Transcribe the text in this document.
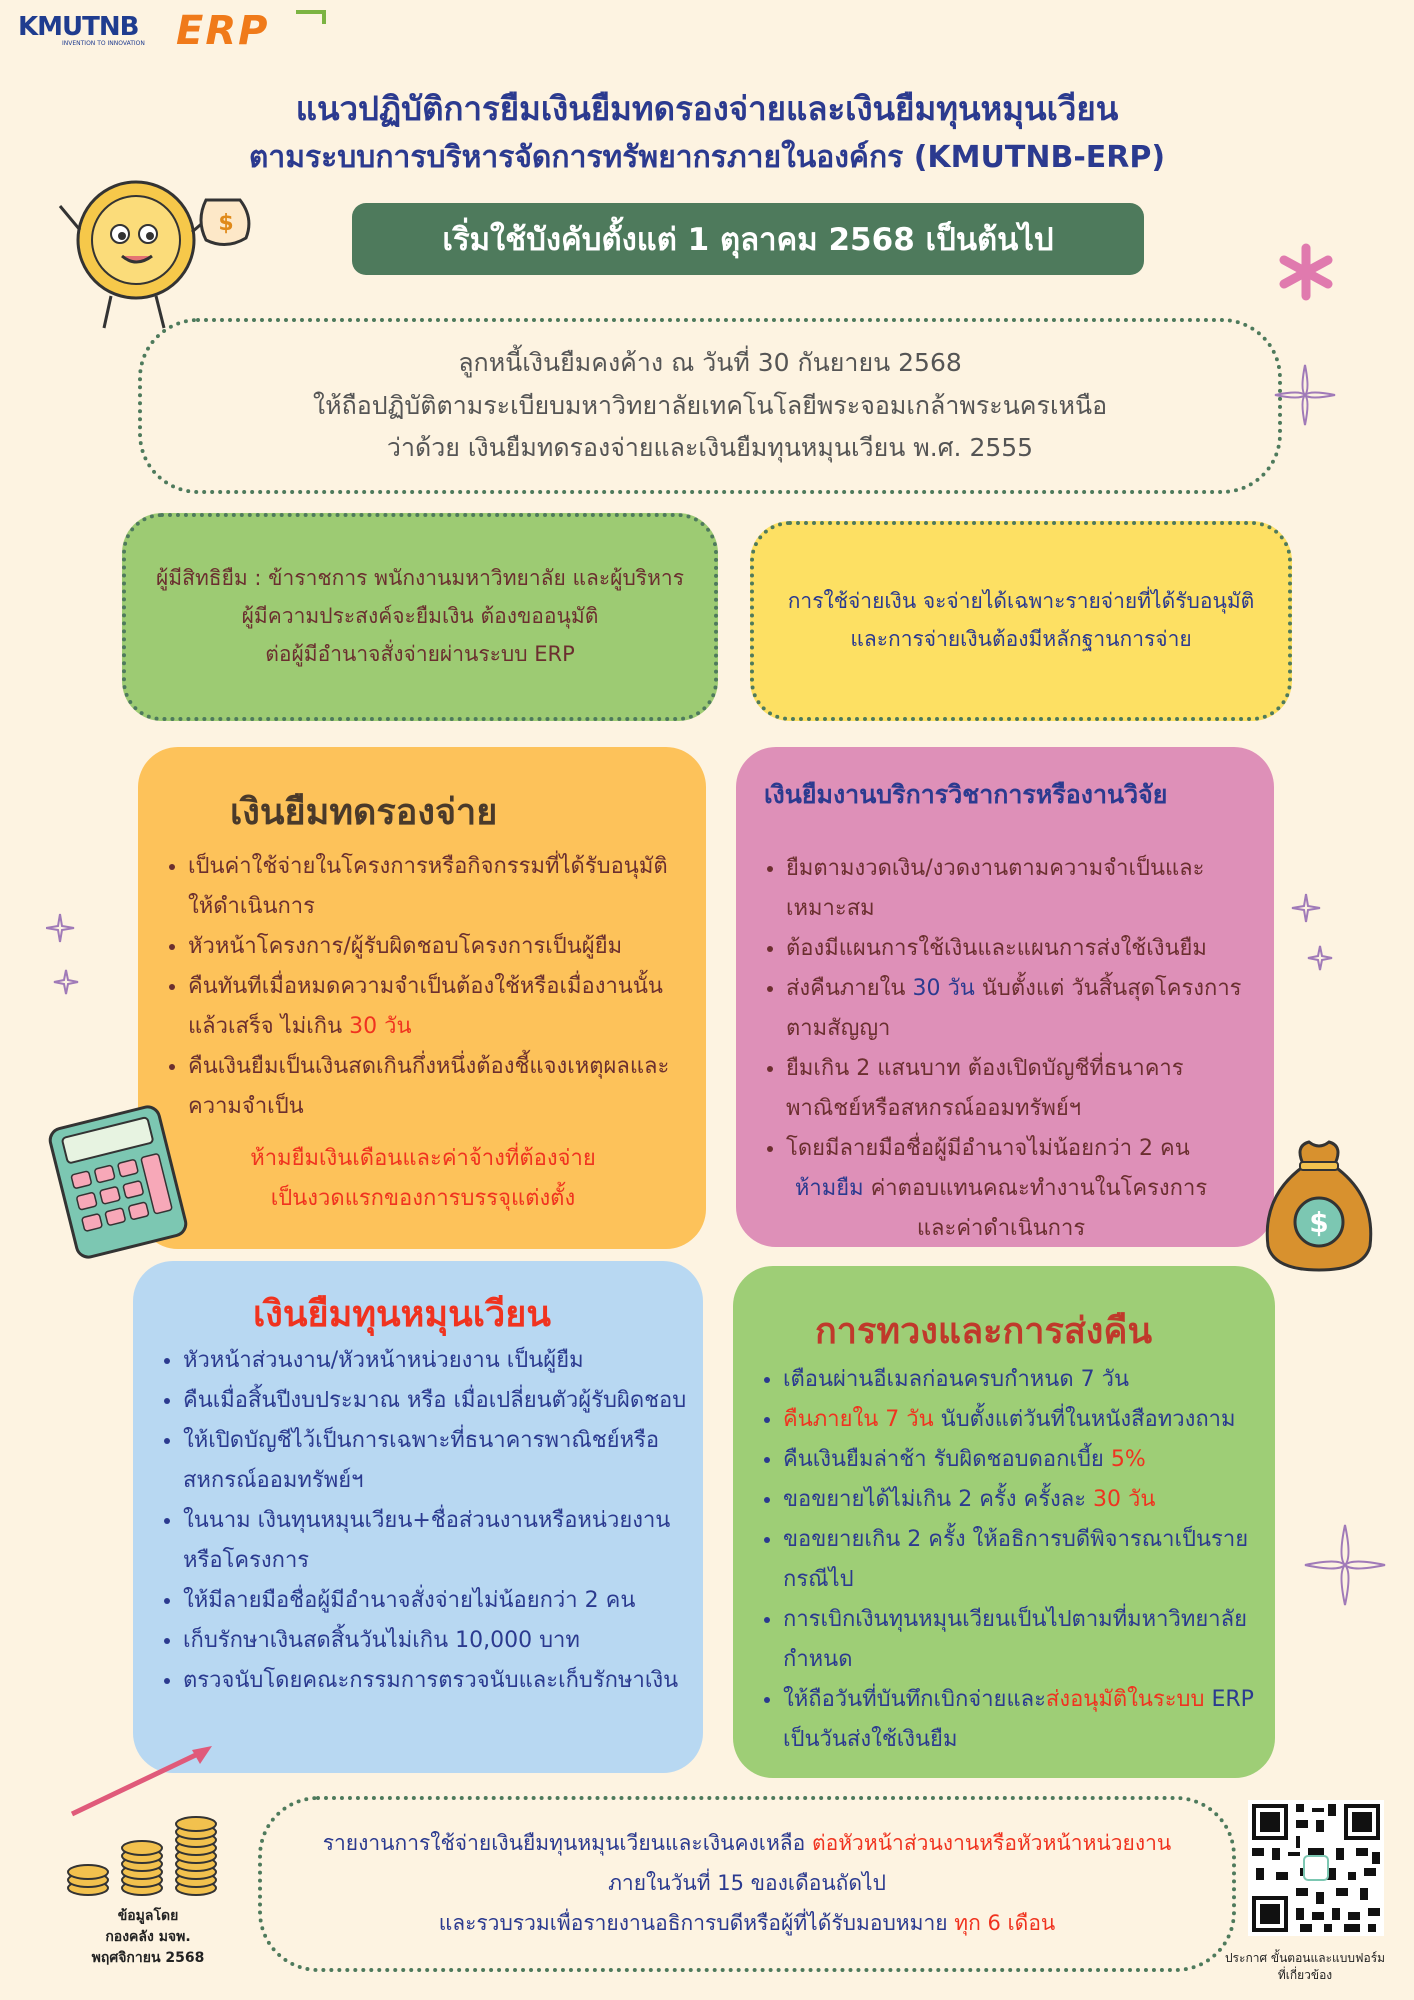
KMUTNB
INVENTION TO INNOVATION ERP
แนวปฏิบัติการยืมเงินยืมทดรองจ่ายและเงินยืมทุนหมุนเวียน
ตามระบบการบริหารจัดการทรัพยากรภายในองค์กร (KMUTNB-ERP)
$	เริ่มใช้บังคับตั้งแต่ 1 ตุลาคม 2568 เป็นต้นไป
ลูกหนี้เงินยืมคงค้าง ณ วันที่ 30 กันยายน 2568
ให้ถือปฏิบัติตามระเบียบมหาวิทยาลัยเทคโนโลยีพระจอมเกล้าพระนครเหนือ
ว่าด้วย เงินยืมทดรองจ่ายและเงินยืมทุนหมุนเวียน พ.ศ. 2555
ผู้มีสิทธิยืม : ข้าราชการ พนักงานมหาวิทยาลัย และผู้บริหาร
ผู้มีความประสงค์จะยืมเงิน ต้องขออนุมัติ
ต่อผู้มีอำนาจสั่งจ่ายผ่านระบบ ERP
การใช้จ่ายเงิน จะจ่ายได้เฉพาะรายจ่ายที่ได้รับอนุมัติ
และการจ่ายเงินต้องมีหลักฐานการจ่าย
เงินยืมทดรองจ่าย
• เป็นค่าใช้จ่ายในโครงการหรือกิจกรรมที่ได้รับอนุมัติให้ดำเนินการ
• หัวหน้าโครงการ/ผู้รับผิดชอบโครงการเป็นผู้ยืม
• คืนทันทีเมื่อหมดความจำเป็นต้องใช้หรือเมื่องานนั้นแล้วเสร็จ ไม่เกิน 30 วัน
• คืนเงินยืมเป็นเงินสดเกินกึ่งหนึ่งต้องชี้แจงเหตุผลและความจำเป็น
ห้ามยืมเงินเดือนและค่าจ้างที่ต้องจ่าย
เป็นงวดแรกของการบรรจุแต่งตั้ง
เงินยืมงานบริการวิชาการหรืองานวิจัย
• ยืมตามงวดเงิน/งวดงานตามความจำเป็นและเหมาะสม
• ต้องมีแผนการใช้เงินและแผนการส่งใช้เงินยืม
• ส่งคืนภายใน 30 วัน นับตั้งแต่ วันสิ้นสุดโครงการตามสัญญา
• ยืมเกิน 2 แสนบาท ต้องเปิดบัญชีที่ธนาคารพาณิชย์หรือสหกรณ์ออมทรัพย์ฯ
• โดยมีลายมือชื่อผู้มีอำนาจไม่น้อยกว่า 2 คน
ห้ามยืม ค่าตอบแทนคณะทำงานในโครงการ
และค่าดำเนินการ	$
เงินยืมทุนหมุนเวียน
• หัวหน้าส่วนงาน/หัวหน้าหน่วยงาน เป็นผู้ยืม
• คืนเมื่อสิ้นปีงบประมาณ หรือ เมื่อเปลี่ยนตัวผู้รับผิดชอบ
• ให้เปิดบัญชีไว้เป็นการเฉพาะที่ธนาคารพาณิชย์หรือสหกรณ์ออมทรัพย์ฯ
• ในนาม เงินทุนหมุนเวียน+ชื่อส่วนงานหรือหน่วยงาน หรือโครงการ
• ให้มีลายมือชื่อผู้มีอำนาจสั่งจ่ายไม่น้อยกว่า 2 คน
• เก็บรักษาเงินสดสิ้นวันไม่เกิน 10,000 บาท
• ตรวจนับโดยคณะกรรมการตรวจนับและเก็บรักษาเงิน
การทวงและการส่งคืน
• เตือนผ่านอีเมลก่อนครบกำหนด 7 วัน
• คืนภายใน 7 วัน นับตั้งแต่วันที่ในหนังสือทวงถาม
• คืนเงินยืมล่าช้า รับผิดชอบดอกเบี้ย 5%
• ขอขยายได้ไม่เกิน 2 ครั้ง ครั้งละ 30 วัน
• ขอขยายเกิน 2 ครั้ง ให้อธิการบดีพิจารณาเป็นรายกรณีไป
• การเบิกเงินทุนหมุนเวียนเป็นไปตามที่มหาวิทยาลัยกำหนด
• ให้ถือวันที่บันทึกเบิกจ่ายและส่งอนุมัติในระบบ ERP เป็นวันส่งใช้เงินยืม
ข้อมูลโดย
กองคลัง มจพ.
พฤศจิกายน 2568
รายงานการใช้จ่ายเงินยืมทุนหมุนเวียนและเงินคงเหลือ ต่อหัวหน้าส่วนงานหรือหัวหน้าหน่วยงาน
ภายในวันที่ 15 ของเดือนถัดไป
และรวบรวมเพื่อรายงานอธิการบดีหรือผู้ที่ได้รับมอบหมาย ทุก 6 เดือน
ประกาศ ขั้นตอนและแบบฟอร์ม
ที่เกี่ยวข้อง
